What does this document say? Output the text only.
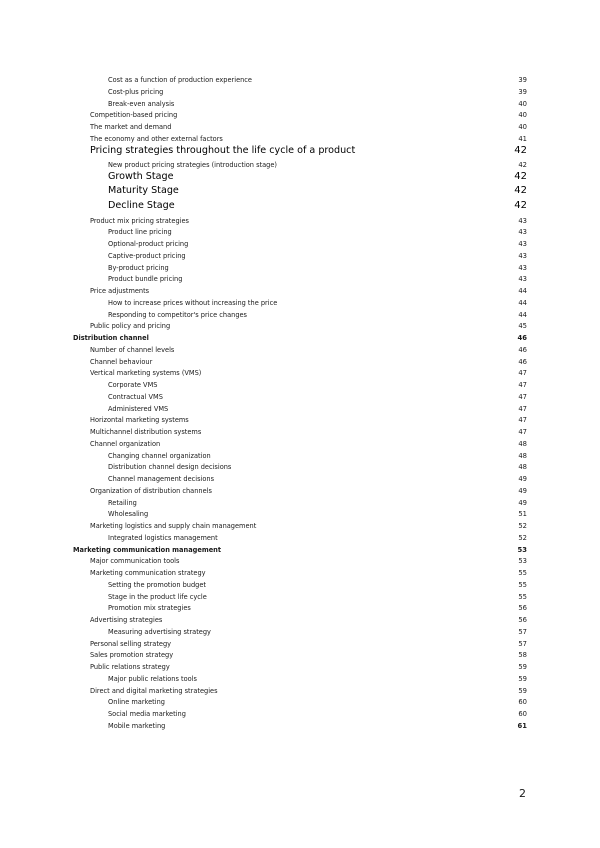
Cost as a function of production experience	39
Cost-plus pricing	39
Break-even analysis	40
Competition-based pricing	40
The market and demand	40
The economy and other external factors	41
Pricing strategies throughout the life cycle of a product	42
New product pricing strategies (introduction stage)	42
Growth Stage	42
Maturity Stage	42
Decline Stage	42
Product mix pricing strategies	43
Product line pricing	43
Optional-product pricing	43
Captive-product pricing	43
By-product pricing	43
Product bundle pricing	43
Price adjustments	44
How to increase prices without increasing the price	44
Responding to competitor's price changes	44
Public policy and pricing	45
Distribution channel	46
Number of channel levels	46
Channel behaviour	46
Vertical marketing systems (VMS)	47
Corporate VMS	47
Contractual VMS	47
Administered VMS	47
Horizontal marketing systems	47
Multichannel distribution systems	47
Channel organization	48
Changing channel organization	48
Distribution channel design decisions	48
Channel management decisions	49
Organization of distribution channels	49
Retailing	49
Wholesaling	51
Marketing logistics and supply chain management	52
Integrated logistics management	52
Marketing communication management	53
Major communication tools	53
Marketing communication strategy	55
Setting the promotion budget	55
Stage in the product life cycle	55
Promotion mix strategies	56
Advertising strategies	56
Measuring advertising strategy	57
Personal selling strategy	57
Sales promotion strategy	58
Public relations strategy	59
Major public relations tools	59
Direct and digital marketing strategies	59
Online marketing	60
Social media marketing	60
Mobile marketing	61
2
